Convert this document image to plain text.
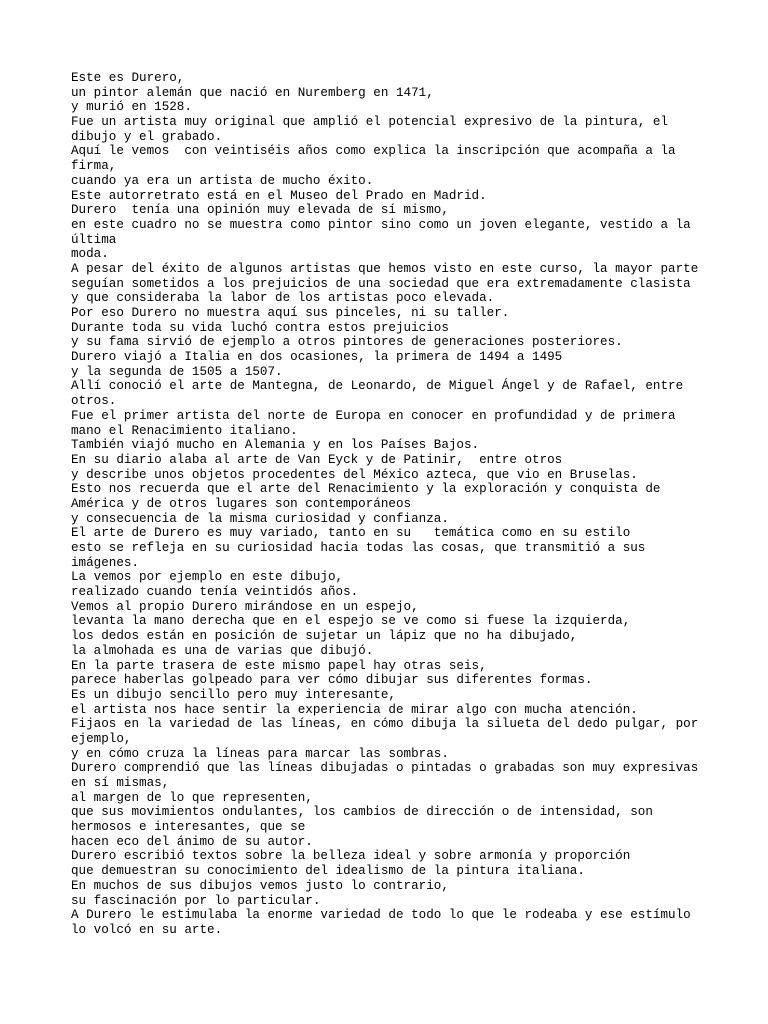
Este es Durero,
un pintor alemán que nació en Nuremberg en 1471,
y murió en 1528.
Fue un artista muy original que amplió el potencial expresivo de la pintura, el
dibujo y el grabado.
Aquí le vemos  con veintiséis años como explica la inscripción que acompaña a la
firma,
cuando ya era un artista de mucho éxito.
Este autorretrato está en el Museo del Prado en Madrid.
Durero  tenía una opinión muy elevada de sí mismo,
en este cuadro no se muestra como pintor sino como un joven elegante, vestido a la
última
moda.
A pesar del éxito de algunos artistas que hemos visto en este curso, la mayor parte
seguían sometidos a los prejuicios de una sociedad que era extremadamente clasista
y que consideraba la labor de los artistas poco elevada.
Por eso Durero no muestra aquí sus pinceles, ni su taller.
Durante toda su vida luchó contra estos prejuicios
y su fama sirvió de ejemplo a otros pintores de generaciones posteriores.
Durero viajó a Italia en dos ocasiones, la primera de 1494 a 1495
y la segunda de 1505 a 1507.
Allí conoció el arte de Mantegna, de Leonardo, de Miguel Ángel y de Rafael, entre
otros.
Fue el primer artista del norte de Europa en conocer en profundidad y de primera
mano el Renacimiento italiano.
También viajó mucho en Alemania y en los Países Bajos.
En su diario alaba al arte de Van Eyck y de Patinir,  entre otros
y describe unos objetos procedentes del México azteca, que vio en Bruselas.
Esto nos recuerda que el arte del Renacimiento y la exploración y conquista de
América y de otros lugares son contemporáneos
y consecuencia de la misma curiosidad y confianza.
El arte de Durero es muy variado, tanto en su   temática como en su estilo
esto se refleja en su curiosidad hacia todas las cosas, que transmitió a sus
imágenes.
La vemos por ejemplo en este dibujo,
realizado cuando tenía veintidós años.
Vemos al propio Durero mirándose en un espejo,
levanta la mano derecha que en el espejo se ve como si fuese la izquierda,
los dedos están en posición de sujetar un lápiz que no ha dibujado,
la almohada es una de varias que dibujó.
En la parte trasera de este mismo papel hay otras seis,
parece haberlas golpeado para ver cómo dibujar sus diferentes formas.
Es un dibujo sencillo pero muy interesante,
el artista nos hace sentir la experiencia de mirar algo con mucha atención.
Fijaos en la variedad de las líneas, en cómo dibuja la silueta del dedo pulgar, por
ejemplo,
y en cómo cruza la líneas para marcar las sombras.
Durero comprendió que las líneas dibujadas o pintadas o grabadas son muy expresivas
en sí mismas,
al margen de lo que representen,
que sus movimientos ondulantes, los cambios de dirección o de intensidad, son
hermosos e interesantes, que se
hacen eco del ánimo de su autor.
Durero escribió textos sobre la belleza ideal y sobre armonía y proporción
que demuestran su conocimiento del idealismo de la pintura italiana.
En muchos de sus dibujos vemos justo lo contrario,
su fascinación por lo particular.
A Durero le estimulaba la enorme variedad de todo lo que le rodeaba y ese estímulo
lo volcó en su arte.
